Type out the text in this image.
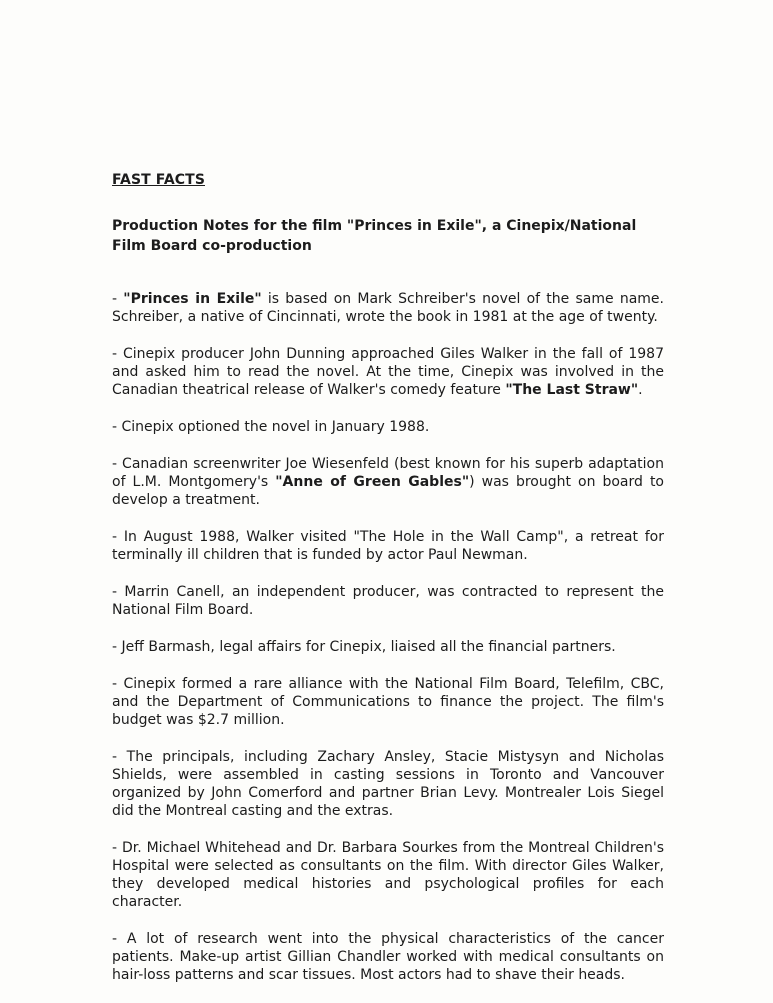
FAST FACTS
Production Notes for the film "Princes in Exile", a Cinepix/National Film Board co-production
- "Princes in Exile" is based on Mark Schreiber's novel of the same name. Schreiber, a native of Cincinnati, wrote the book in 1981 at the age of twenty.
- Cinepix producer John Dunning approached Giles Walker in the fall of 1987 and asked him to read the novel. At the time, Cinepix was involved in the Canadian theatrical release of Walker's comedy feature "The Last Straw".
- Cinepix optioned the novel in January 1988.
- Canadian screenwriter Joe Wiesenfeld (best known for his superb adaptation of L.M. Montgomery's "Anne of Green Gables") was brought on board to develop a treatment.
- In August 1988, Walker visited "The Hole in the Wall Camp", a retreat for terminally ill children that is funded by actor Paul Newman.
- Marrin Canell, an independent producer, was contracted to represent the National Film Board.
- Jeff Barmash, legal affairs for Cinepix, liaised all the financial partners.
- Cinepix formed a rare alliance with the National Film Board, Telefilm, CBC, and the Department of Communications to finance the project. The film's budget was $2.7 million.
- The principals, including Zachary Ansley, Stacie Mistysyn and Nicholas Shields, were assembled in casting sessions in Toronto and Vancouver organized by John Comerford and partner Brian Levy. Montrealer Lois Siegel did the Montreal casting and the extras.
- Dr. Michael Whitehead and Dr. Barbara Sourkes from the Montreal Children's Hospital were selected as consultants on the film. With director Giles Walker, they developed medical histories and psychological profiles for each character.
- A lot of research went into the physical characteristics of the cancer patients. Make-up artist Gillian Chandler worked with medical consultants on hair-loss patterns and scar tissues. Most actors had to shave their heads.
